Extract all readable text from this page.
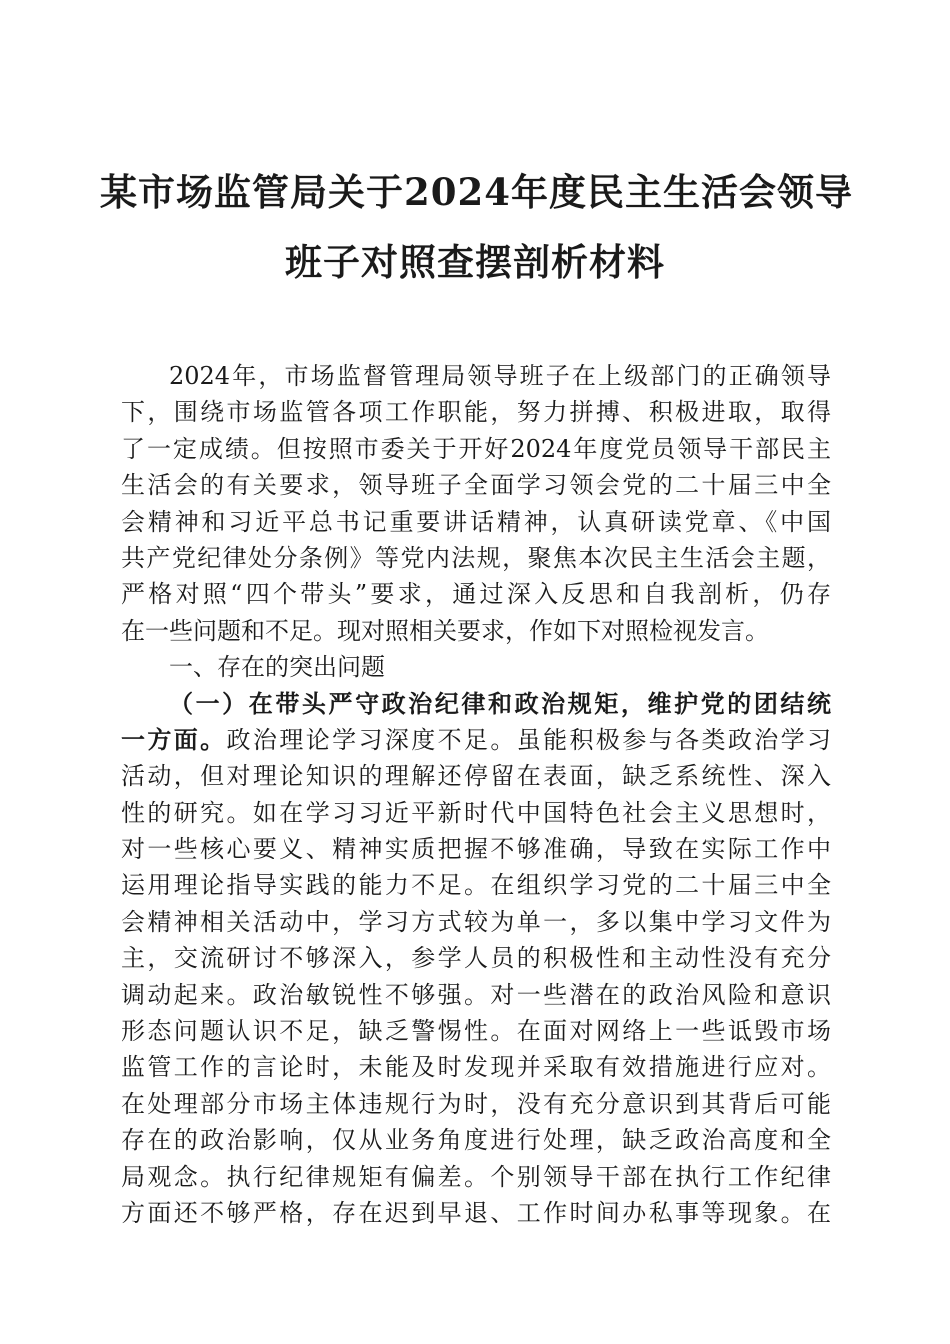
某市场监管局关于2024年度民主生活会领导
班子对照查摆剖析材料
2024年，市场监督管理局领导班子在上级部门的正确领导
下，围绕市场监管各项工作职能，努力拼搏、积极进取，取得
了一定成绩。但按照市委关于开好2024年度党员领导干部民主
生活会的有关要求，领导班子全面学习领会党的二十届三中全
会精神和习近平总书记重要讲话精神，认真研读党章、《中国
共产党纪律处分条例》等党内法规，聚焦本次民主生活会主题，
严格对照“四个带头”要求，通过深入反思和自我剖析，仍存
在一些问题和不足。现对照相关要求，作如下对照检视发言。
一、存在的突出问题
（一）在带头严守政治纪律和政治规矩，维护党的团结统
一方面。政治理论学习深度不足。虽能积极参与各类政治学习
活动，但对理论知识的理解还停留在表面，缺乏系统性、深入
性的研究。如在学习习近平新时代中国特色社会主义思想时，
对一些核心要义、精神实质把握不够准确，导致在实际工作中
运用理论指导实践的能力不足。在组织学习党的二十届三中全
会精神相关活动中，学习方式较为单一，多以集中学习文件为
主，交流研讨不够深入，参学人员的积极性和主动性没有充分
调动起来。政治敏锐性不够强。对一些潜在的政治风险和意识
形态问题认识不足，缺乏警惕性。在面对网络上一些诋毁市场
监管工作的言论时，未能及时发现并采取有效措施进行应对。
在处理部分市场主体违规行为时，没有充分意识到其背后可能
存在的政治影响，仅从业务角度进行处理，缺乏政治高度和全
局观念。执行纪律规矩有偏差。个别领导干部在执行工作纪律
方面还不够严格，存在迟到早退、工作时间办私事等现象。在
